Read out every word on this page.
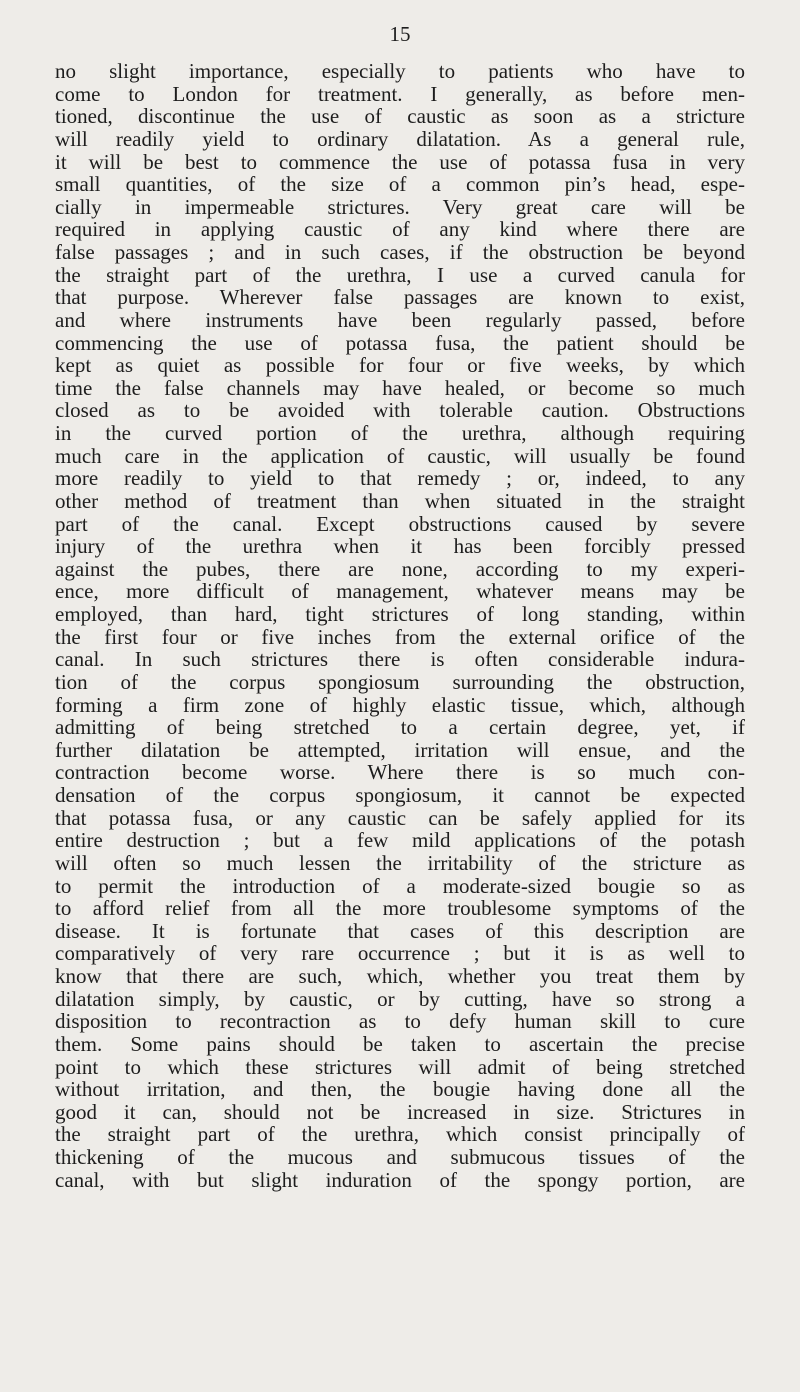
15
no slight importance, especially to patients who have to
come to London for treatment. I generally, as before men-
tioned, discontinue the use of caustic as soon as a stricture
will readily yield to ordinary dilatation. As a general rule,
it will be best to commence the use of potassa fusa in very
small quantities, of the size of a common pin’s head, espe-
cially in impermeable strictures. Very great care will be
required in applying caustic of any kind where there are
false passages ; and in such cases, if the obstruction be beyond
the straight part of the urethra, I use a curved canula for
that purpose. Wherever false passages are known to exist,
and where instruments have been regularly passed, before
commencing the use of potassa fusa, the patient should be
kept as quiet as possible for four or five weeks, by which
time the false channels may have healed, or become so much
closed as to be avoided with tolerable caution. Obstructions
in the curved portion of the urethra, although requiring
much care in the application of caustic, will usually be found
more readily to yield to that remedy ; or, indeed, to any
other method of treatment than when situated in the straight
part of the canal. Except obstructions caused by severe
injury of the urethra when it has been forcibly pressed
against the pubes, there are none, according to my experi-
ence, more difficult of management, whatever means may be
employed, than hard, tight strictures of long standing, within
the first four or five inches from the external orifice of the
canal. In such strictures there is often considerable indura-
tion of the corpus spongiosum surrounding the obstruction,
forming a firm zone of highly elastic tissue, which, although
admitting of being stretched to a certain degree, yet, if
further dilatation be attempted, irritation will ensue, and the
contraction become worse. Where there is so much con-
densation of the corpus spongiosum, it cannot be expected
that potassa fusa, or any caustic can be safely applied for its
entire destruction ; but a few mild applications of the potash
will often so much lessen the irritability of the stricture as
to permit the introduction of a moderate-sized bougie so as
to afford relief from all the more troublesome symptoms of the
disease. It is fortunate that cases of this description are
comparatively of very rare occurrence ; but it is as well to
know that there are such, which, whether you treat them by
dilatation simply, by caustic, or by cutting, have so strong a
disposition to recontraction as to defy human skill to cure
them. Some pains should be taken to ascertain the precise
point to which these strictures will admit of being stretched
without irritation, and then, the bougie having done all the
good it can, should not be increased in size. Strictures in
the straight part of the urethra, which consist principally of
thickening of the mucous and submucous tissues of the
canal, with but slight induration of the spongy portion, are
